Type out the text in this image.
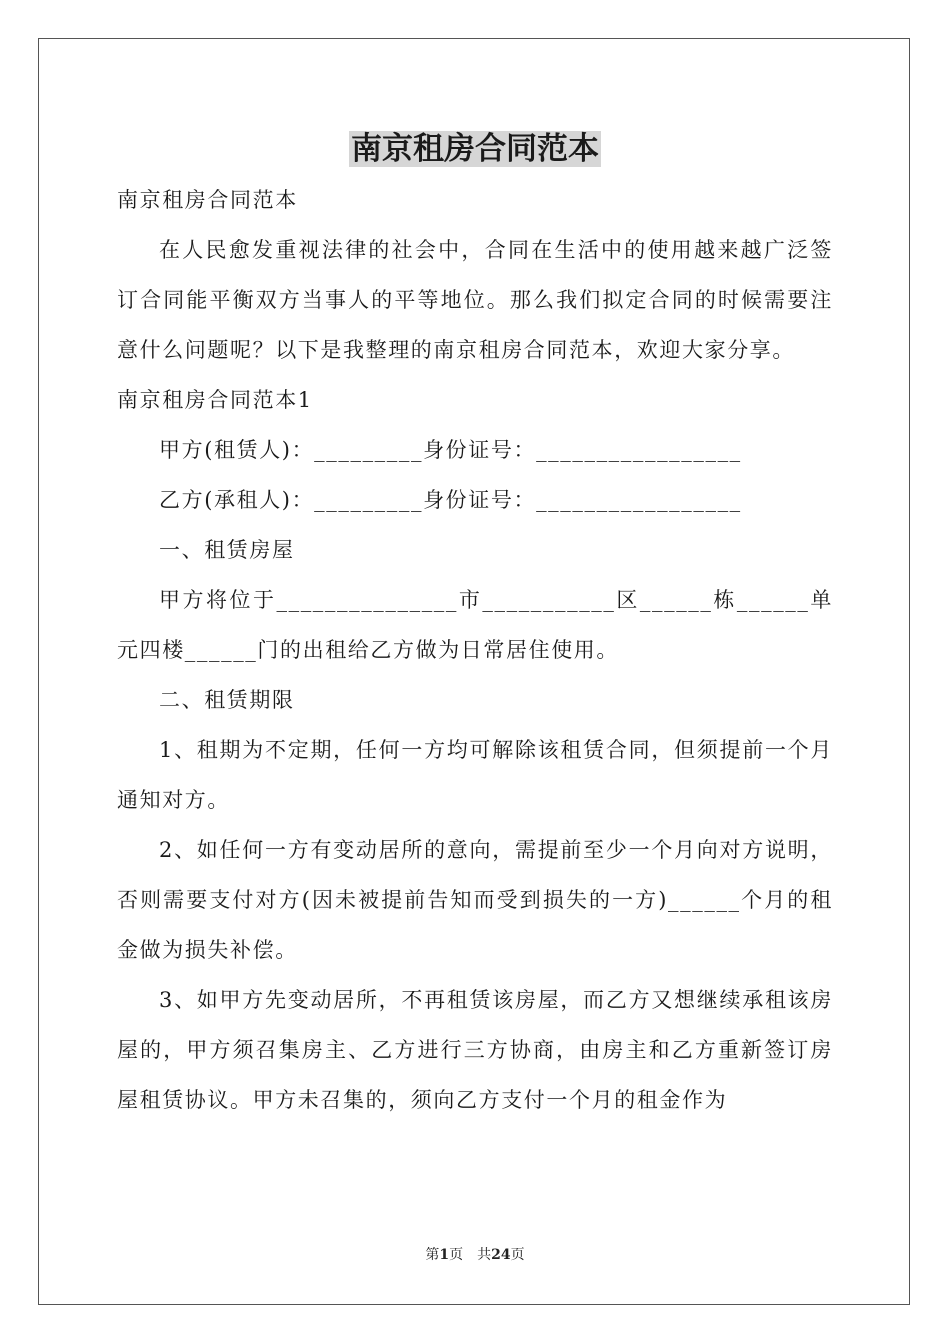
南京租房合同范本

南京租房合同范本

在人民愈发重视法律的社会中，合同在生活中的使用越来越广泛签订合同能平衡双方当事人的平等地位。那么我们拟定合同的时候需要注意什么问题呢？以下是我整理的南京租房合同范本，欢迎大家分享。

南京租房合同范本1

甲方(租赁人)：_________身份证号：_________________

乙方(承租人)：_________身份证号：_________________

一、租赁房屋

甲方将位于_______________市___________区______栋______单元四楼______门的出租给乙方做为日常居住使用。

二、租赁期限

1、租期为不定期，任何一方均可解除该租赁合同，但须提前一个月通知对方。

2、如任何一方有变动居所的意向，需提前至少一个月向对方说明，否则需要支付对方(因未被提前告知而受到损失的一方)______个月的租金做为损失补偿。

3、如甲方先变动居所，不再租赁该房屋，而乙方又想继续承租该房屋的，甲方须召集房主、乙方进行三方协商，由房主和乙方重新签订房屋租赁协议。甲方未召集的，须向乙方支付一个月的租金作为

第1页　共24页
